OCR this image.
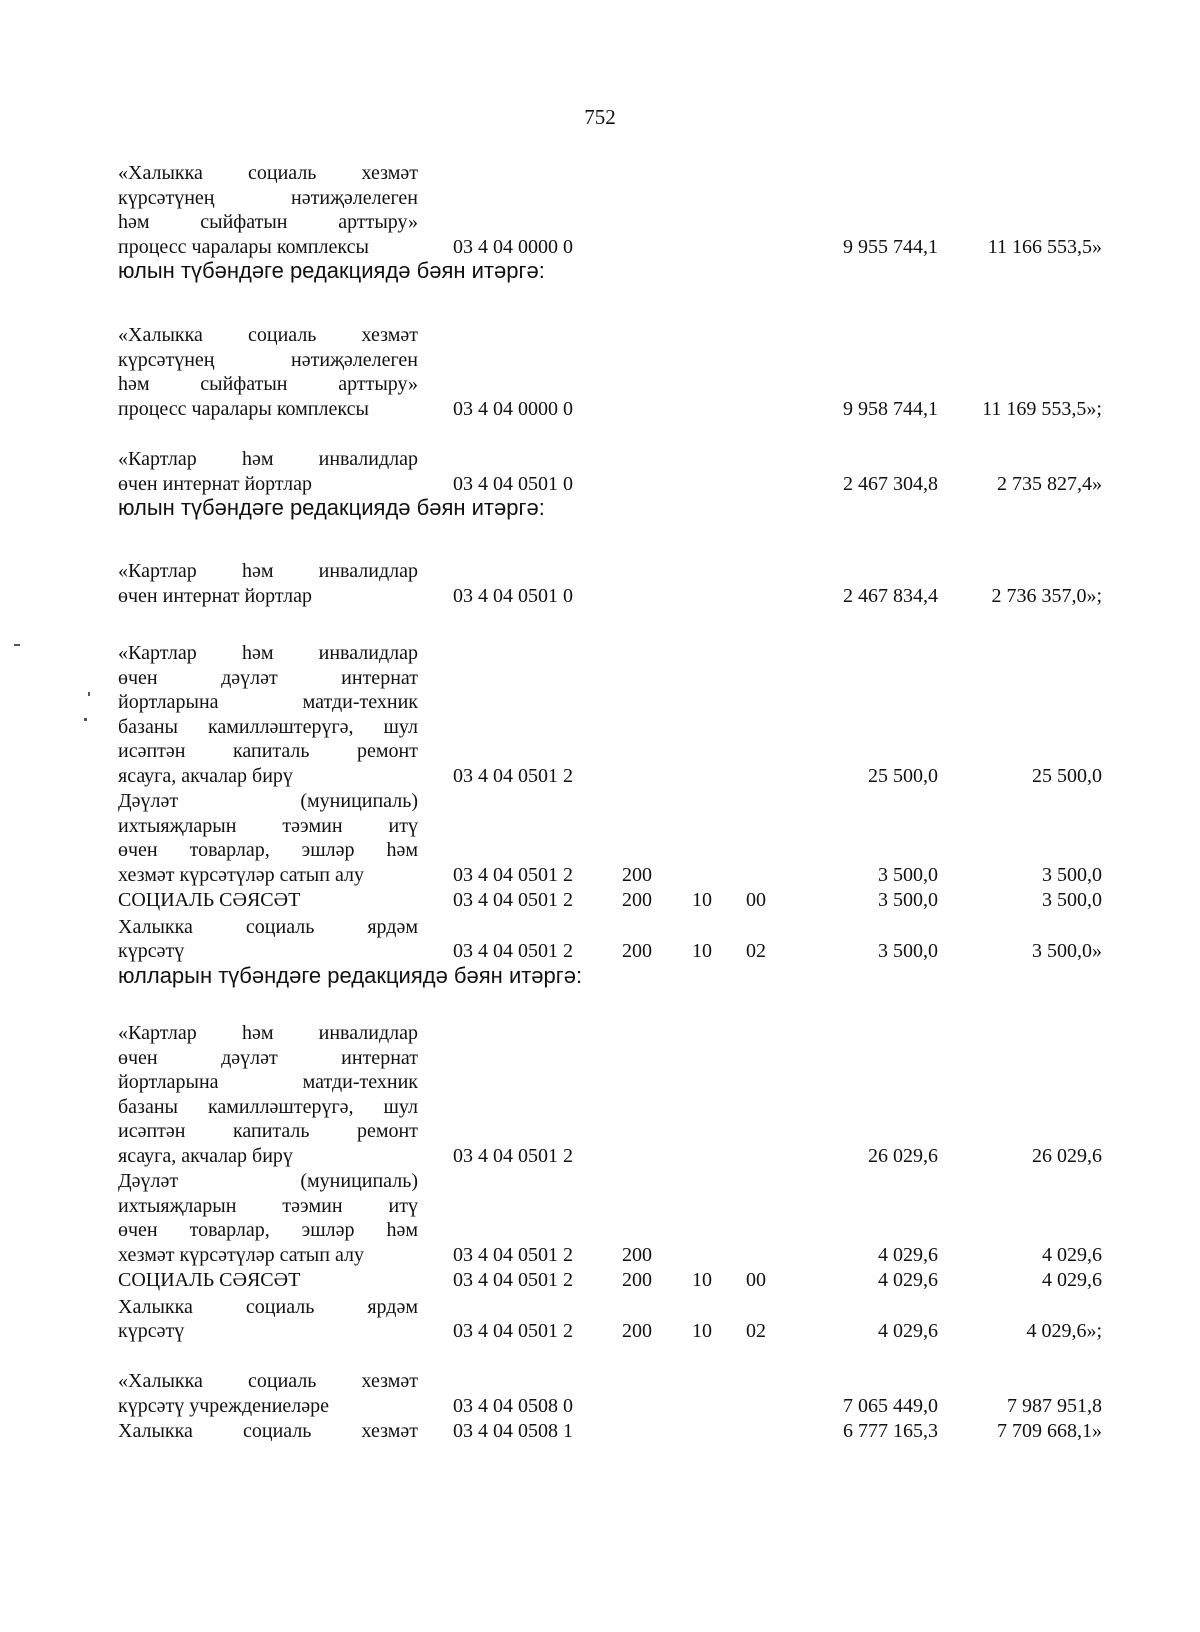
752
«Халыкка социаль хезмәт
күрсәтүнең нәтиҗәлелеген
һәм сыйфатын арттыру»
процесс чаралары комплексы	03 4 04 0000 0	9 955 744,1	11 166 553,5»
юлын түбәндәге редакциядә бәян итәргә:
«Халыкка социаль хезмәт
күрсәтүнең нәтиҗәлелеген
һәм сыйфатын арттыру»
процесс чаралары комплексы	03 4 04 0000 0	9 958 744,1	11 169 553,5»;
«Картлар һәм инвалидлар
өчен интернат йортлар	03 4 04 0501 0	2 467 304,8	2 735 827,4»
юлын түбәндәге редакциядә бәян итәргә:
«Картлар һәм инвалидлар
өчен интернат йортлар	03 4 04 0501 0	2 467 834,4	2 736 357,0»;
«Картлар һәм инвалидлар
өчен дәүләт интернат
йортларына матди-техник
базаны камилләштерүгә, шул
исәптән капиталь ремонт
ясауга, акчалар бирү	03 4 04 0501 2	25 500,0	25 500,0
Дәүләт (муниципаль)
ихтыяҗларын тәэмин итү
өчен товарлар, эшләр һәм
хезмәт күрсәтүләр сатып алу	03 4 04 0501 2 200	3 500,0	3 500,0
СОЦИАЛЬ СӘЯСӘТ	03 4 04 0501 2 200 10 00	3 500,0	3 500,0
Халыкка социаль ярдәм
күрсәтү	03 4 04 0501 2 200 10 02	3 500,0	3 500,0»
юлларын түбәндәге редакциядә бәян итәргә:
«Картлар һәм инвалидлар
өчен дәүләт интернат
йортларына матди-техник
базаны камилләштерүгә, шул
исәптән капиталь ремонт
ясауга, акчалар бирү	03 4 04 0501 2	26 029,6	26 029,6
Дәүләт (муниципаль)
ихтыяҗларын тәэмин итү
өчен товарлар, эшләр һәм
хезмәт күрсәтүләр сатып алу	03 4 04 0501 2 200	4 029,6	4 029,6
СОЦИАЛЬ СӘЯСӘТ	03 4 04 0501 2 200 10 00	4 029,6	4 029,6
Халыкка социаль ярдәм
күрсәтү	03 4 04 0501 2 200 10 02	4 029,6	4 029,6»;
«Халыкка социаль хезмәт
күрсәтү учреждениеләре	03 4 04 0508 0	7 065 449,0	7 987 951,8
Халыкка социаль хезмәт 03 4 04 0508 1	6 777 165,3	7 709 668,1»
